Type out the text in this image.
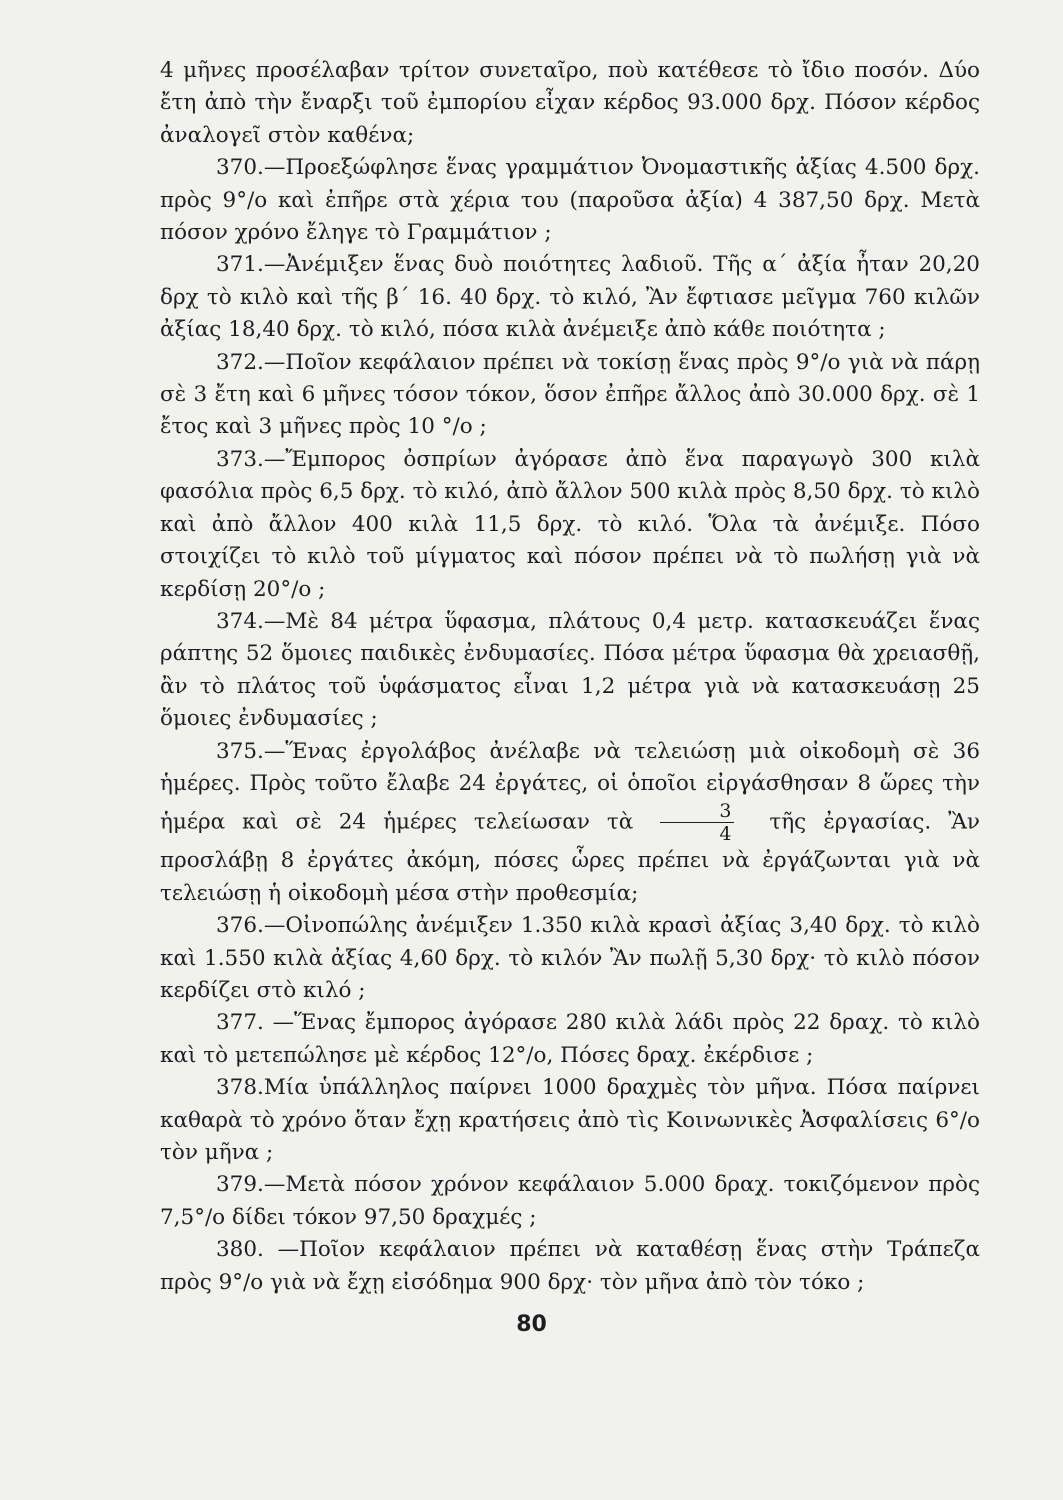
4 μῆνες προσέλαβαν τρίτον συνεταῖρο, ποὺ κατέθεσε τὸ ἴδιο ποσόν. Δύο ἔτη ἀπὸ τὴν ἔναρξι τοῦ ἐμπορίου εἶχαν κέρδος 93.000 δρχ. Πόσον κέρδος ἀναλογεῖ στὸν καθένα;

370.—Προεξώφλησε ἕνας γραμμάτιον Ὀνομαστικῆς ἀξίας 4.500 δρχ. πρὸς 9°/o καὶ ἐπῆρε στὰ χέρια του (παροῦσα ἀξία) 4 387,50 δρχ. Μετὰ πόσον χρόνο ἔληγε τὸ Γραμμάτιον ;

371.—Ἀνέμιξεν ἕνας δυὸ ποιότητες λαδιοῦ. Τῆς α΄ ἀξία ἦταν 20,20 δρχ τὸ κιλὸ καὶ τῆς β΄ 16. 40 δρχ. τὸ κιλό, Ἂν ἔφτιασε μεῖγμα 760 κιλῶν ἀξίας 18,40 δρχ. τὸ κιλό, πόσα κιλὰ ἀνέμειξε ἀπὸ κάθε ποιότητα ;

372.—Ποῖον κεφάλαιον πρέπει νὰ τοκίσῃ ἕνας πρὸς 9°/o γιὰ νὰ πάρῃ σὲ 3 ἔτη καὶ 6 μῆνες τόσον τόκον, ὅσον ἐπῆρε ἄλλος ἀπὸ 30.000 δρχ. σὲ 1 ἔτος καὶ 3 μῆνες πρὸς 10 °/o ;

373.—Ἔμπορος ὀσπρίων ἀγόρασε ἀπὸ ἕνα παραγωγὸ 300 κιλὰ φασόλια πρὸς 6,5 δρχ. τὸ κιλό, ἀπὸ ἄλλον 500 κιλὰ πρὸς 8,50 δρχ. τὸ κιλὸ καὶ ἀπὸ ἄλλον 400 κιλὰ 11,5 δρχ. τὸ κιλό. Ὅλα τὰ ἀνέμιξε. Πόσο στοιχίζει τὸ κιλὸ τοῦ μίγματος καὶ πόσον πρέπει νὰ τὸ πωλήσῃ γιὰ νὰ κερδίσῃ 20°/o ;

374.—Μὲ 84 μέτρα ὕφασμα, πλάτους 0,4 μετρ. κατασκευάζει ἕνας ράπτης 52 ὅμοιες παιδικὲς ἐνδυμασίες. Πόσα μέτρα ὕφασμα θὰ χρειασθῇ, ἂν τὸ πλάτος τοῦ ὑφάσματος εἶναι 1,2 μέτρα γιὰ νὰ κατασκευάσῃ 25 ὅμοιες ἐνδυμασίες ;

375.—Ἕνας ἐργολάβος ἀνέλαβε νὰ τελειώσῃ μιὰ οἰκοδομὴ σὲ 36 ἡμέρες. Πρὸς τοῦτο ἔλαβε 24 ἐργάτες, οἱ ὁποῖοι εἰργάσθησαν 8 ὥρες τὴν ἡμέρα καὶ σὲ 24 ἡμέρες τελείωσαν τὰ $\frac{3}{4}$ τῆς ἐργασίας. Ἂν προσλάβῃ 8 ἐργάτες ἀκόμη, πόσες ὧρες πρέπει νὰ ἐργάζωνται γιὰ νὰ τελειώσῃ ἡ οἰκοδομὴ μέσα στὴν προθεσμία;

376.—Οἰνοπώλης ἀνέμιξεν 1.350 κιλὰ κρασὶ ἀξίας 3,40 δρχ. τὸ κιλὸ καὶ 1.550 κιλὰ ἀξίας 4,60 δρχ. τὸ κιλόν Ἂν πωλῇ 5,30 δρχ· τὸ κιλὸ πόσον κερδίζει στὸ κιλό ;

377. —Ἕνας ἔμπορος ἀγόρασε 280 κιλὰ λάδι πρὸς 22 δραχ. τὸ κιλὸ καὶ τὸ μετεπώλησε μὲ κέρδος 12°/o, Πόσες δραχ. ἐκέρδισε ;

378.Μία ὑπάλληλος παίρνει 1000 δραχμὲς τὸν μῆνα. Πόσα παίρνει καθαρὰ τὸ χρόνο ὅταν ἔχῃ κρατήσεις ἀπὸ τὶς Κοινωνικὲς Ἀσφαλίσεις 6°/o τὸν μῆνα ;

379.—Μετὰ πόσον χρόνον κεφάλαιον 5.000 δραχ. τοκιζόμενον πρὸς 7,5°/o δίδει τόκον 97,50 δραχμές ;

380. —Ποῖον κεφάλαιον πρέπει νὰ καταθέσῃ ἕνας στὴν Τράπεζα πρὸς 9°/o γιὰ νὰ ἔχῃ εἰσόδημα 900 δρχ· τὸν μῆνα ἀπὸ τὸν τόκο ;

80
